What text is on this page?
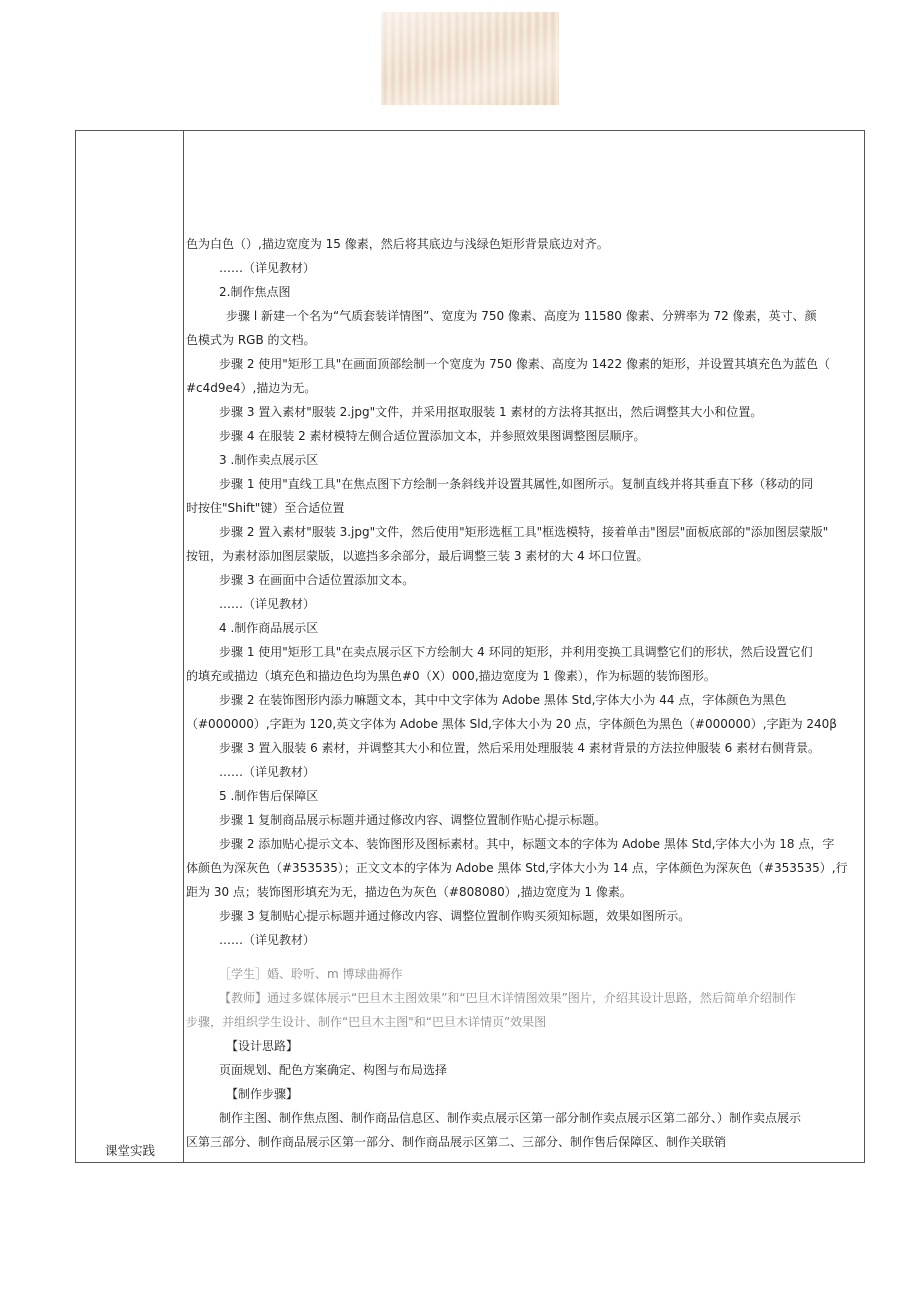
课堂实践
色为白色（）,描边宽度为 15 像素，然后将其底边与浅绿色矩形背景底边对齐。
……（详见教材）
2.制作焦点图
步骤 l 新建一个名为“气质套装详情图”、宽度为 750 像素、高度为 11580 像素、分辨率为 72 像素，英寸、颜
色模式为 RGB 的文档。
步骤 2 使用"矩形工具"在画面顶部绘制一个宽度为 750 像素、高度为 1422 像素的矩形，并设置其填充色为蓝色（
#c4d9e4）,描边为无。
步骤 3 置入素材"服装 2.jpg"文件，并采用抠取服装 1 素材的方法将其抠出，然后调整其大小和位置。
步骤 4 在服装 2 素材模特左侧合适位置添加文本，并参照效果图调整图层顺序。
3 .制作卖点展示区
步骤 1 使用"直线工具"在焦点图下方绘制一条斜线并设置其属性,如图所示。复制直线并将其垂直下移（移动的同
时按住"Shift"键）至合适位置
步骤 2 置入素材"服装 3.jpg"文件，然后使用"矩形选框工具"框选模特，接着单击"图层"面板底部的"添加图层蒙版"
按钮，为素材添加图层蒙版，以遮挡多余部分，最后调整三装 3 素材的大 4 坏口位置。
步骤 3 在画面中合适位置添加文本。
……（详见教材）
4 .制作商品展示区
步骤 1 使用"矩形工具"在卖点展示区下方绘制大 4 环同的矩形，并利用变换工具调整它们的形状，然后设置它们
的填充或描边（填充色和描边色均为黑色#0（X）000,描边宽度为 1 像素），作为标题的装饰图形。
步骤 2 在装饰图形内添力嘛题文本，其中中文字体为 Adobe 黑体 Std,字体大小为 44 点，字体颜色为黑色
（#000000）,字距为 120,英文字体为 Adobe 黑体 Sld,字体大小为 20 点，字体颜色为黑色（#000000）,字距为 240β
步骤 3 置入服装 6 素材，并调整其大小和位置，然后采用处理服装 4 素材背景的方法拉伸服装 6 素材右侧背景。
……（详见教材）
5 .制作售后保障区
步骤 1 复制商品展示标题并通过修改内容、调整位置制作贴心提示标题。
步骤 2 添加贴心提示文本、装饰图形及图标素材。其中，标题文本的字体为 Adobe 黑体 Std,字体大小为 18 点，字
体颜色为深灰色（#353535）；正文文本的字体为 Adobe 黑体 Std,字体大小为 14 点，字体颜色为深灰色（#353535）,行
距为 30 点；装饰图形填充为无，描边色为灰色（#808080）,描边宽度为 1 像素。
步骤 3 复制贴心提示标题并通过修改内容、调整位置制作购买须知标题，效果如图所示。
……（详见教材）
［学生］婚、聆听、m 博球曲褥作
【教师】通过多媒体展示“巴旦木主图效果”和“巴旦木详情图效果”图片，介绍其设计思路，然后简单介绍制作
步骤，并组织学生设计、制作“巴旦木主图"和“巴旦木详情页”效果图
【设计思路】
页面规划、配色方案确定、构图与布局选择
【制作步骤】
制作主图、制作焦点图、制作商品信息区、制作卖点展示区第一部分制作卖点展示区第二部分、）制作卖点展示
区第三部分、制作商品展示区第一部分、制作商品展示区第二、三部分、制作售后保障区、制作关联销
